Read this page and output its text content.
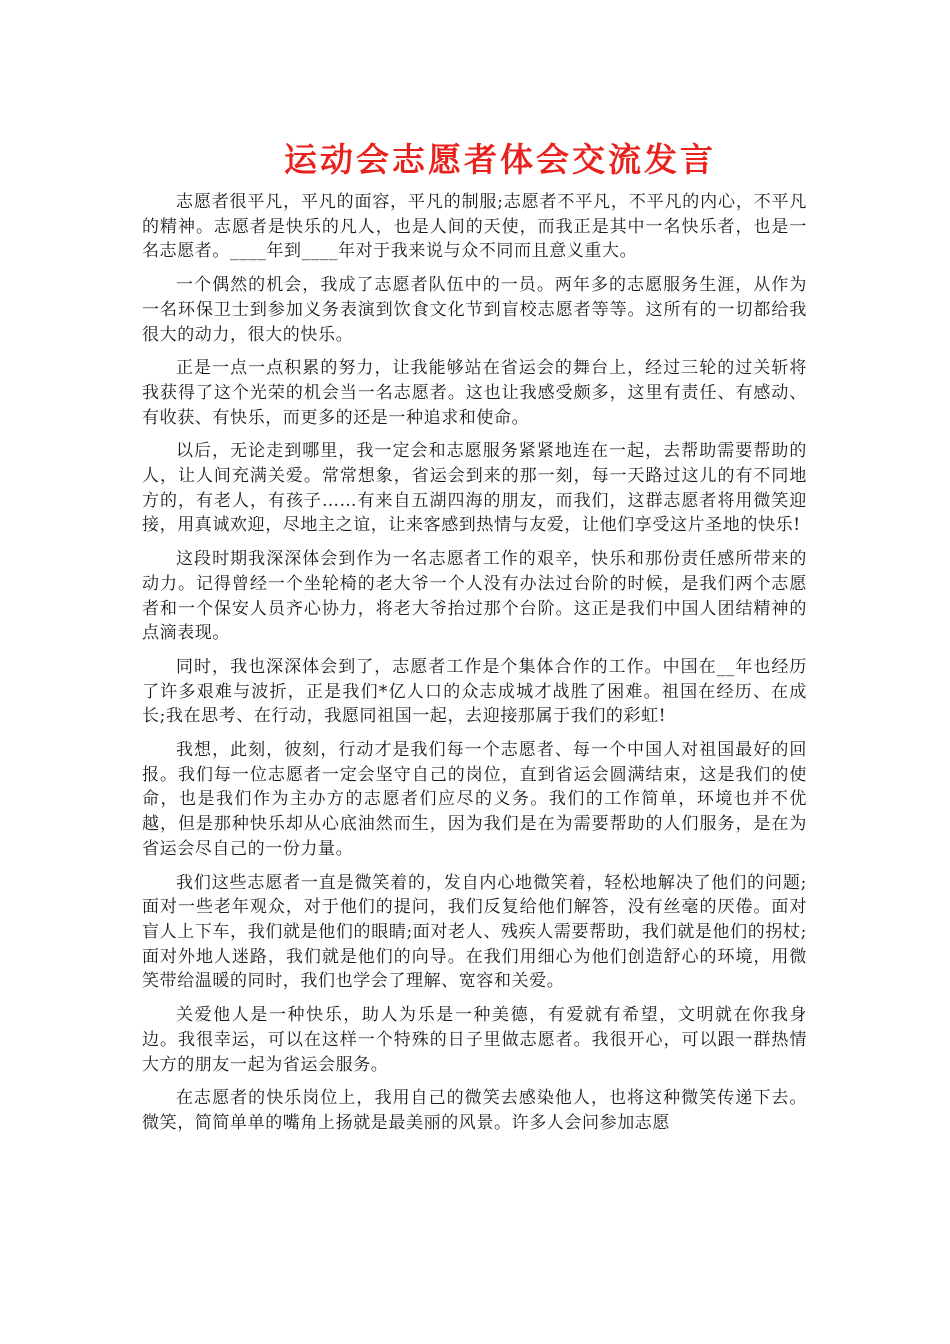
运动会志愿者体会交流发言

志愿者很平凡，平凡的面容，平凡的制服;志愿者不平凡，不平凡的内心，不平凡的精神。志愿者是快乐的凡人，也是人间的天使，而我正是其中一名快乐者，也是一名志愿者。____年到____年对于我来说与众不同而且意义重大。

一个偶然的机会，我成了志愿者队伍中的一员。两年多的志愿服务生涯，从作为一名环保卫士到参加义务表演到饮食文化节到盲校志愿者等等。这所有的一切都给我很大的动力，很大的快乐。

正是一点一点积累的努力，让我能够站在省运会的舞台上，经过三轮的过关斩将我获得了这个光荣的机会当一名志愿者。这也让我感受颇多，这里有责任、有感动、有收获、有快乐，而更多的还是一种追求和使命。

以后，无论走到哪里，我一定会和志愿服务紧紧地连在一起，去帮助需要帮助的人，让人间充满关爱。常常想象，省运会到来的那一刻，每一天路过这儿的有不同地方的，有老人，有孩子……有来自五湖四海的朋友，而我们，这群志愿者将用微笑迎接，用真诚欢迎，尽地主之谊，让来客感到热情与友爱，让他们享受这片圣地的快乐!

这段时期我深深体会到作为一名志愿者工作的艰辛，快乐和那份责任感所带来的动力。记得曾经一个坐轮椅的老大爷一个人没有办法过台阶的时候，是我们两个志愿者和一个保安人员齐心协力，将老大爷抬过那个台阶。这正是我们中国人团结精神的点滴表现。

同时，我也深深体会到了，志愿者工作是个集体合作的工作。中国在__年也经历了许多艰难与波折，正是我们*亿人口的众志成城才战胜了困难。祖国在经历、在成长;我在思考、在行动，我愿同祖国一起，去迎接那属于我们的彩虹!

我想，此刻，彼刻，行动才是我们每一个志愿者、每一个中国人对祖国最好的回报。我们每一位志愿者一定会坚守自己的岗位，直到省运会圆满结束，这是我们的使命，也是我们作为主办方的志愿者们应尽的义务。我们的工作简单，环境也并不优越，但是那种快乐却从心底油然而生，因为我们是在为需要帮助的人们服务，是在为省运会尽自己的一份力量。

我们这些志愿者一直是微笑着的，发自内心地微笑着，轻松地解决了他们的问题;面对一些老年观众，对于他们的提问，我们反复给他们解答，没有丝毫的厌倦。面对盲人上下车，我们就是他们的眼睛;面对老人、残疾人需要帮助，我们就是他们的拐杖;面对外地人迷路，我们就是他们的向导。在我们用细心为他们创造舒心的环境，用微笑带给温暖的同时，我们也学会了理解、宽容和关爱。

关爱他人是一种快乐，助人为乐是一种美德，有爱就有希望，文明就在你我身边。我很幸运，可以在这样一个特殊的日子里做志愿者。我很开心，可以跟一群热情大方的朋友一起为省运会服务。

在志愿者的快乐岗位上，我用自己的微笑去感染他人，也将这种微笑传递下去。微笑，简简单单的嘴角上扬就是最美丽的风景。许多人会问参加志愿
